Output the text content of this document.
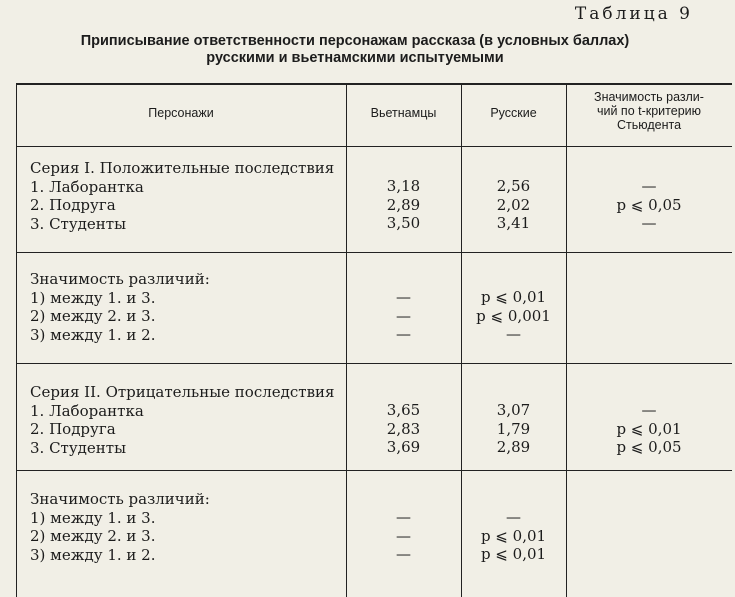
Таблица 9
Приписывание ответственности персонажам рассказа (в условных баллах)
русскими и вьетнамскими испытуемыми
Персонажи	Вьетнамцы	Русские
Значимость разли-
чий по t-критерию
Стьюдента
Серия I. Положительные последствия
1. Лаборантка
2. Подруга
3. Студенты
3,18
2,89
3,50
2,56
2,02
3,41
—
p ⩽ 0,05
—
Значимость различий:
1) между 1. и 3.
2) между 2. и 3.
3) между 1. и 2.
—
—
—
p ⩽ 0,01
p ⩽ 0,001
—
Серия II. Отрицательные последствия
1. Лаборантка
2. Подруга
3. Студенты
3,65
2,83
3,69
3,07
1,79
2,89
—
p ⩽ 0,01
p ⩽ 0,05
Значимость различий:
1) между 1. и 3.
2) между 2. и 3.
3) между 1. и 2.
—
—
—
—
p ⩽ 0,01
p ⩽ 0,01
